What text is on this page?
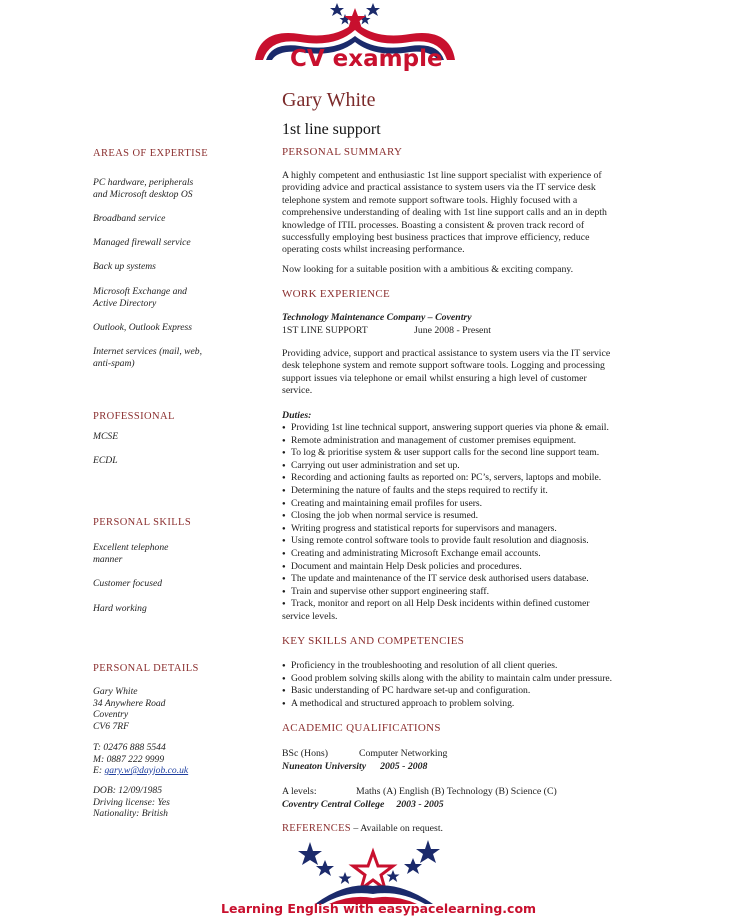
CV example
Gary White
1st line support
AREAS OF EXPERTISE
PC hardware, peripherals
and Microsoft desktop OS
Broadband service
Managed firewall service
Back up systems
Microsoft Exchange and
Active Directory
Outlook, Outlook Express
Internet services (mail, web,
anti-spam)
PROFESSIONAL
MCSE
ECDL
PERSONAL SKILLS
Excellent telephone
manner
Customer focused
Hard working
PERSONAL DETAILS
Gary White
34 Anywhere Road
Coventry
CV6 7RF
T: 02476 888 5544
M: 0887 222 9999
E: gary.w@dayjob.co.uk
DOB: 12/09/1985
Driving license: Yes
Nationality: British
PERSONAL SUMMARY
A highly competent and enthusiastic 1st line support specialist with experience of
providing advice and practical assistance to system users via the IT service desk
telephone system and remote support software tools. Highly focused with a
comprehensive understanding of dealing with 1st line support calls and an in depth
knowledge of ITIL processes. Boasting a consistent & proven track record of
successfully employing best business practices that improve efficiency, reduce
operating costs whilst increasing performance.
Now looking for a suitable position with a ambitious & exciting company.
WORK EXPERIENCE
Technology Maintenance Company – Coventry
1ST LINE SUPPORT	June 2008 - Present
Providing advice, support and practical assistance to system users via the IT service
desk telephone system and remote support software tools. Logging and processing
support issues via telephone or email whilst ensuring a high level of customer
service.
Duties:
● Providing 1st line technical support, answering support queries via phone & email.
● Remote administration and management of customer premises equipment.
● To log & prioritise system & user support calls for the second line support team.
● Carrying out user administration and set up.
● Recording and actioning faults as reported on: PC’s, servers, laptops and mobile.
● Determining the nature of faults and the steps required to rectify it.
● Creating and maintaining email profiles for users.
● Closing the job when normal service is resumed.
● Writing progress and statistical reports for supervisors and managers.
● Using remote control software tools to provide fault resolution and diagnosis.
● Creating and administrating Microsoft Exchange email accounts.
● Document and maintain Help Desk policies and procedures.
● The update and maintenance of the IT service desk authorised users database.
● Train and supervise other support engineering staff.
● Track, monitor and report on all Help Desk incidents within defined customer
service levels.
KEY SKILLS AND COMPETENCIES
● Proficiency in the troubleshooting and resolution of all client queries.
● Good problem solving skills along with the ability to maintain calm under pressure.
● Basic understanding of PC hardware set-up and configuration.
● A methodical and structured approach to problem solving.
ACADEMIC QUALIFICATIONS
BSc (Hons)	Computer Networking
Nuneaton University 2005 - 2008
A levels:	Maths (A) English (B) Technology (B) Science (C)
Coventry Central College 2003 - 2005
REFERENCES – Available on request.
Learning English with easypacelearning.com
